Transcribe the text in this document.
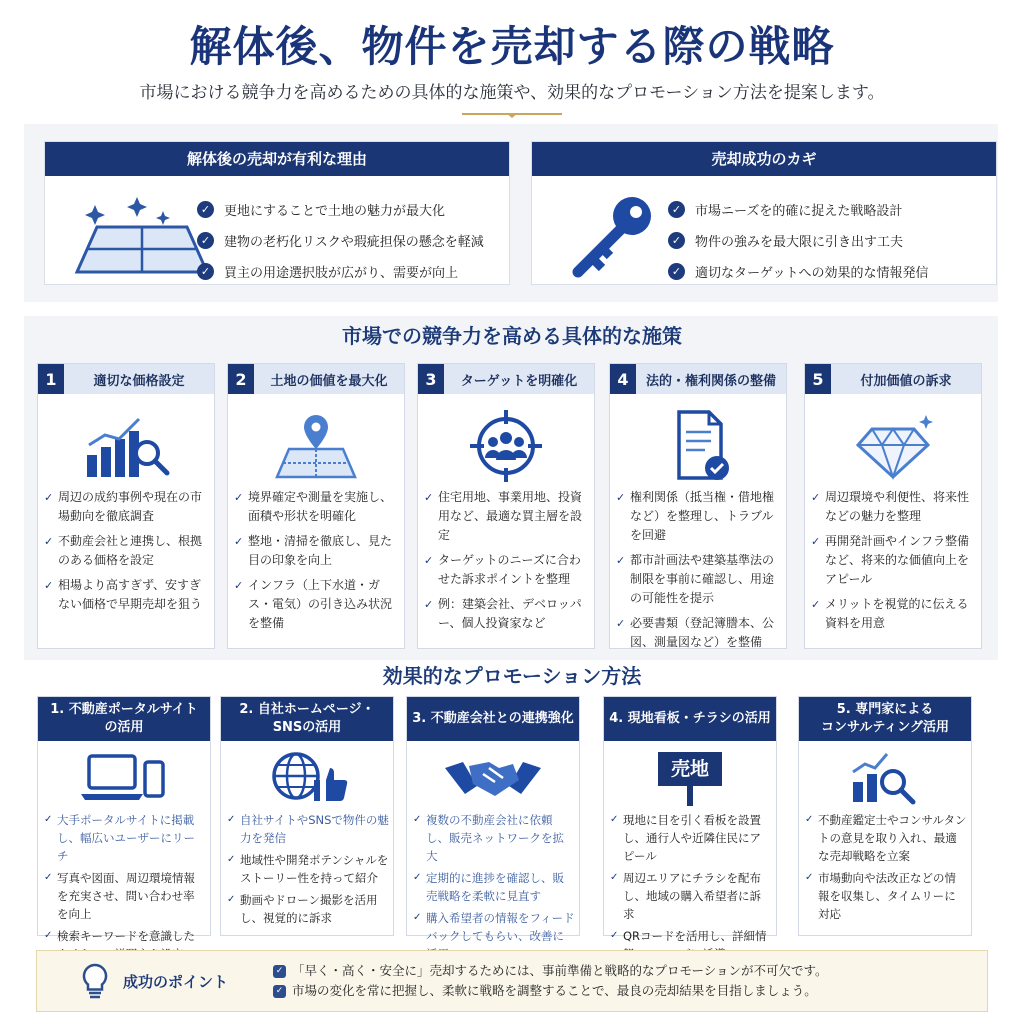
解体後、物件を売却する際の戦略
市場における競争力を高めるための具体的な施策や、効果的なプロモーション方法を提案します。
解体後の売却が有利な理由
✓ 更地にすることで土地の魅力が最大化
✓ 建物の老朽化リスクや瑕疵担保の懸念を軽減
✓ 買主の用途選択肢が広がり、需要が向上
売却成功のカギ
✓ 市場ニーズを的確に捉えた戦略設計
✓ 物件の強みを最大限に引き出す工夫
✓ 適切なターゲットへの効果的な情報発信
市場での競争力を高める具体的な施策
1	適切な価格設定
✓ 周辺の成約事例や現在の市場動向を徹底調査
✓ 不動産会社と連携し、根拠のある価格を設定
✓ 相場より高すぎず、安すぎない価格で早期売却を狙う
2	土地の価値を最大化
✓ 境界確定や測量を実施し、面積や形状を明確化
✓ 整地・清掃を徹底し、見た目の印象を向上
✓ インフラ（上下水道・ガス・電気）の引き込み状況を整備
3	ターゲットを明確化
✓ 住宅用地、事業用地、投資用など、最適な買主層を設定
✓ ターゲットのニーズに合わせた訴求ポイントを整理
✓ 例：建築会社、デベロッパー、個人投資家など
4	法的・権利関係の整備
✓ 権利関係（抵当権・借地権など）を整理し、トラブルを回避
✓ 都市計画法や建築基準法の制限を事前に確認し、用途の可能性を提示
✓ 必要書類（登記簿謄本、公図、測量図など）を整備
5	付加価値の訴求
✓ 周辺環境や利便性、将来性などの魅力を整理
✓ 再開発計画やインフラ整備など、将来的な価値向上をアピール
✓ メリットを視覚的に伝える資料を用意
効果的なプロモーション方法
1. 不動産ポータルサイト
の活用
✓ 大手ポータルサイトに掲載し、幅広いユーザーにリーチ
✓ 写真や図面、周辺環境情報を充実させ、問い合わせ率を向上
✓ 検索キーワードを意識した
2. 自社ホームページ・
SNSの活用
✓ 自社サイトやSNSで物件の魅力を発信
✓ 地域性や開発ポテンシャルをストーリー性を持って紹介
✓ 動画やドローン撮影を活用し、視覚的に訴求
3. 不動産会社との連携強化
✓ 複数の不動産会社に依頼し、販売ネットワークを拡大
✓ 定期的に進捗を確認し、販売戦略を柔軟に見直す
✓ 購入希望者の情報をフィードバックしてもらい、改善に
4. 現地看板・チラシの活用
売地
✓ 現地に目を引く看板を設置し、通行人や近隣住民にアピール
✓ 周辺エリアにチラシを配布し、地域の購入希望者に訴求
✓ QRコードを活用し、詳細情
5. 専門家による
コンサルティング活用
✓ 不動産鑑定士やコンサルタントの意見を取り入れ、最適な売却戦略を立案
✓ 市場動向や法改正などの情報を収集し、タイムリーに対応
成功のポイント
✓ 「早く・高く・安全に」売却するためには、事前準備と戦略的なプロモーションが不可欠です。
✓ 市場の変化を常に把握し、柔軟に戦略を調整することで、最良の売却結果を目指しましょう。
